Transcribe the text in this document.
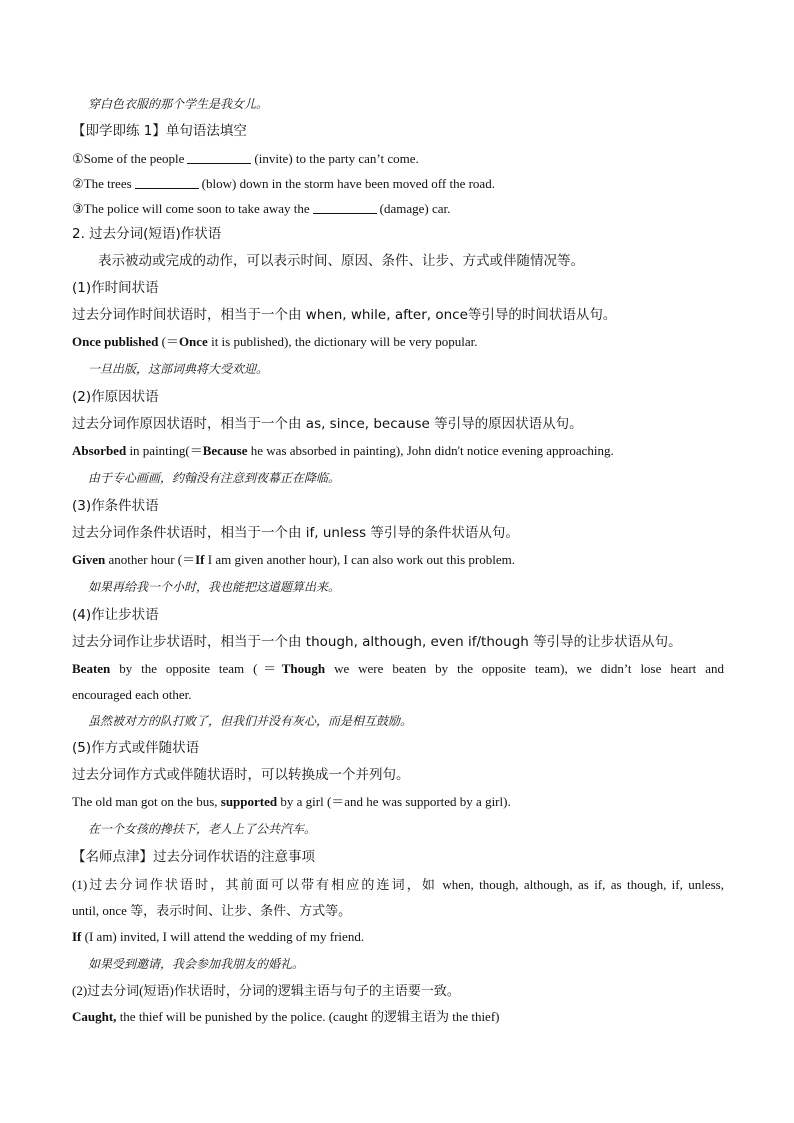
穿白色衣服的那个学生是我女儿。
【即学即练 1】单句语法填空
①Some of the people	(invite) to the party can’t come.
②The trees	(blow) down in the storm have been moved off the road.
③The police will come soon to take away the	(damage) car.
2. 过去分词(短语)作状语
表示被动或完成的动作，可以表示时间、原因、条件、让步、方式或伴随情况等。
(1)作时间状语
过去分词作时间状语时，相当于一个由 when, while, after, once等引导的时间状语从句。
Once published (＝Once it is published), the dictionary will be very popular.
一旦出版，这部词典将大受欢迎。
(2)作原因状语
过去分词作原因状语时，相当于一个由 as, since, because 等引导的原因状语从句。
Absorbed in painting(＝Because he was absorbed in painting), John didn't notice evening approaching.
由于专心画画，约翰没有注意到夜幕正在降临。
(3)作条件状语
过去分词作条件状语时，相当于一个由 if, unless 等引导的条件状语从句。
Given another hour (＝If I am given another hour), I can also work out this problem.
如果再给我一个小时，我也能把这道题算出来。
(4)作让步状语
过去分词作让步状语时，相当于一个由 though, although, even if/though 等引导的让步状语从句。
Beaten by the opposite team (＝Though we were beaten by the opposite team), we didn’t lose heart and
encouraged each other.
虽然被对方的队打败了，但我们并没有灰心，而是相互鼓励。
(5)作方式或伴随状语
过去分词作方式或伴随状语时，可以转换成一个并列句。
The old man got on the bus, supported by a girl (＝and he was supported by a girl).
在一个女孩的搀扶下，老人上了公共汽车。
【名师点津】过去分词作状语的注意事项
(1)过去分词作状语时，其前面可以带有相应的连词，如 when, though, although, as if, as though, if, unless,
until, once 等，表示时间、让步、条件、方式等。
If (I am) invited, I will attend the wedding of my friend.
如果受到邀请，我会参加我朋友的婚礼。
(2)过去分词(短语)作状语时，分词的逻辑主语与句子的主语要一致。
Caught, the thief will be punished by the police. (caught 的逻辑主语为 the thief)
